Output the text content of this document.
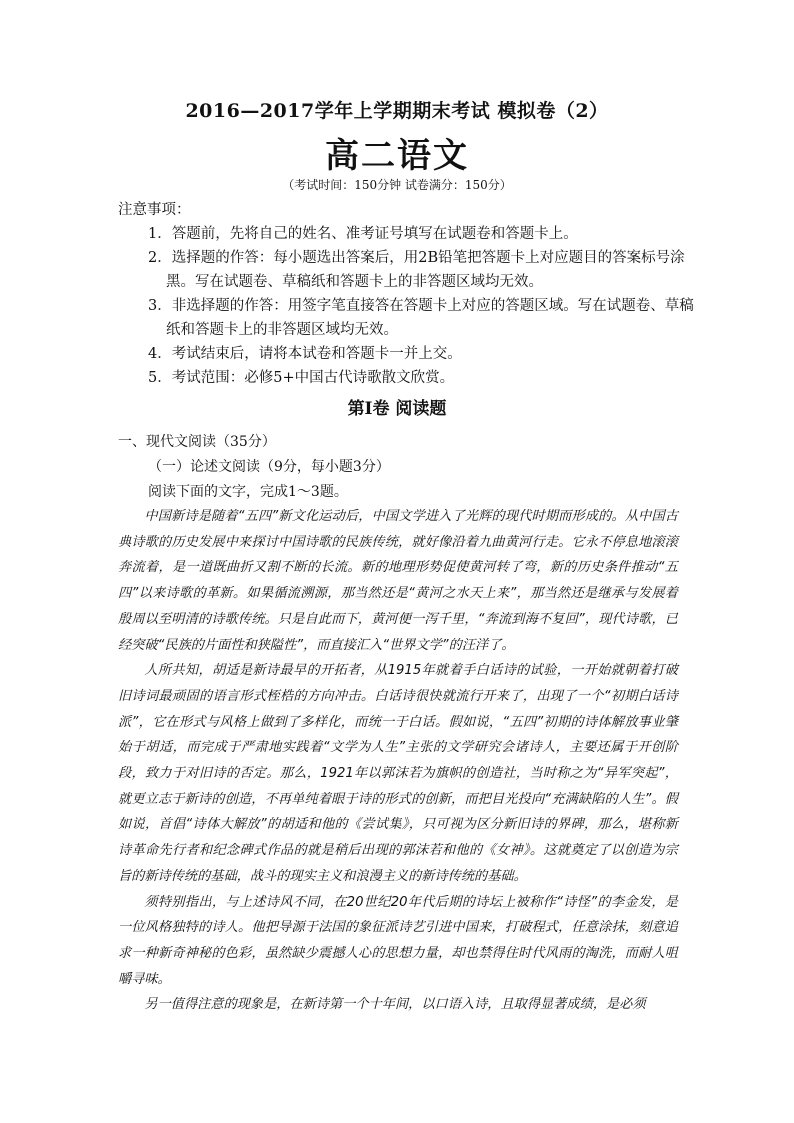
2016—2017学年上学期期末考试 模拟卷（2）
高二语文
（考试时间：150分钟 试卷满分：150分）
注意事项：
1．答题前，先将自己的姓名、准考证号填写在试题卷和答题卡上。
2．选择题的作答：每小题选出答案后，用2B铅笔把答题卡上对应题目的答案标号涂
黑。写在试题卷、草稿纸和答题卡上的非答题区域均无效。
3．非选择题的作答：用签字笔直接答在答题卡上对应的答题区域。写在试题卷、草稿
纸和答题卡上的非答题区域均无效。
4．考试结束后，请将本试卷和答题卡一并上交。
5．考试范围：必修5+中国古代诗歌散文欣赏。
第Ⅰ卷 阅读题
一、现代文阅读（35分）
（一）论述文阅读（9分，每小题3分）
阅读下面的文字，完成1～3题。

中国新诗是随着“五四”新文化运动后，中国文学进入了光辉的现代时期而形成的。从中国古典诗歌的历史发展中来探讨中国诗歌的民族传统，就好像沿着九曲黄河行走。它永不停息地滚滚奔流着，是一道既曲折又割不断的长流。新的地理形势促使黄河转了弯，新的历史条件推动“五四”以来诗歌的革新。如果循流溯源，那当然还是“黄河之水天上来”，那当然还是继承与发展着殷周以至明清的诗歌传统。只是自此而下，黄河便一泻千里，“奔流到海不复回”，现代诗歌，已经突破“民族的片面性和狭隘性”，而直接汇入“世界文学”的汪洋了。

人所共知，胡适是新诗最早的开拓者，从1915年就着手白话诗的试验，一开始就朝着打破旧诗词最顽固的语言形式桎梏的方向冲击。白话诗很快就流行开来了，出现了一个“初期白话诗派”，它在形式与风格上做到了多样化，而统一于白话。假如说，“五四”初期的诗体解放事业肇始于胡适，而完成于严肃地实践着“文学为人生”主张的文学研究会诸诗人，主要还属于开创阶段，致力于对旧诗的否定。那么，1921年以郭沫若为旗帜的创造社，当时称之为“异军突起”，就更立志于新诗的创造，不再单纯着眼于诗的形式的创新，而把目光投向“充满缺陷的人生”。假如说，首倡“诗体大解放”的胡适和他的《尝试集》，只可视为区分新旧诗的界碑，那么，堪称新诗革命先行者和纪念碑式作品的就是稍后出现的郭沫若和他的《女神》。这就奠定了以创造为宗旨的新诗传统的基础，战斗的现实主义和浪漫主义的新诗传统的基础。

须特别指出，与上述诗风不同，在20世纪20年代后期的诗坛上被称作“诗怪”的李金发，是一位风格独特的诗人。他把导源于法国的象征派诗艺引进中国来，打破程式，任意涂抹，刻意追求一种新奇神秘的色彩，虽然缺少震撼人心的思想力量，却也禁得住时代风雨的淘洗，而耐人咀嚼寻味。

另一值得注意的现象是，在新诗第一个十年间，以口语入诗，且取得显著成绩，是必须
